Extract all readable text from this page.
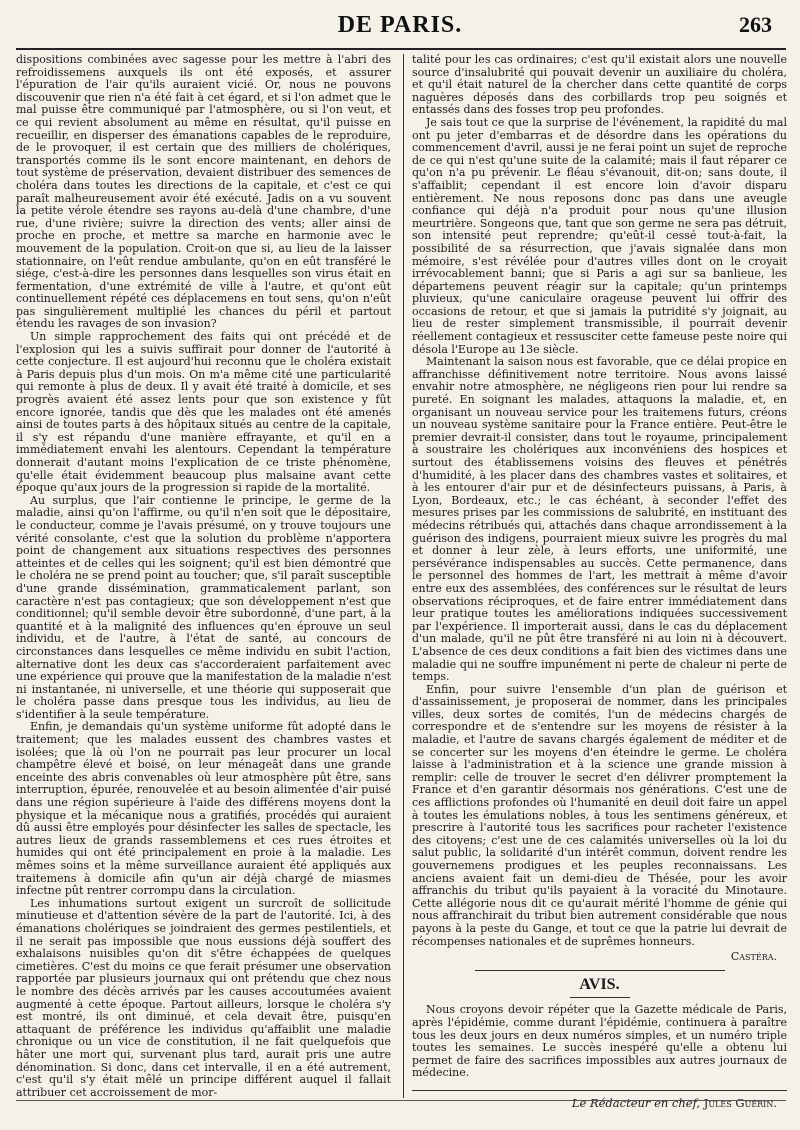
DE PARIS.	263

dispositions combinées avec sagesse pour les mettre à l'abri des refroidissemens auxquels ils ont été exposés, et assurer l'épuration de l'air qu'ils auraient vicié. Or, nous ne pouvons discouvenir que rien n'a été fait à cet égard, et si l'on admet que le mal puisse être communiqué par l'atmosphère, ou si l'on veut, et ce qui revient absolument au même en résultat, qu'il puisse en recueillir, en disperser des émanations capables de le reproduire, de le provoquer, il est certain que des milliers de cholériques, transportés comme ils le sont encore maintenant, en dehors de tout système de préservation, devaient distribuer des semences de choléra dans toutes les directions de la capitale, et c'est ce qui paraît malheureusement avoir été exécuté. Jadis on a vu souvent la petite vérole étendre ses rayons au-delà d'une chambre, d'une rue, d'une rivière; suivre la direction des vents; aller ainsi de proche en proche, et mettre sa marche en harmonie avec le mouvement de la population. Croit-on que si, au lieu de la laisser stationnaire, on l'eût rendue ambulante, qu'on en eût transféré le siége, c'est-à-dire les personnes dans lesquelles son virus était en fermentation, d'une extrémité de ville à l'autre, et qu'ont eût continuellement répété ces déplacemens en tout sens, qu'on n'eût pas singulièrement multiplié les chances du péril et partout étendu les ravages de son invasion?

Un simple rapprochement des faits qui ont précédé et de l'explosion qui les a suivis suffirait pour donner de l'autorité à cette conjecture. Il est aujourd'hui reconnu que le choléra existait à Paris depuis plus d'un mois. On m'a même cité une particularité qui remonte à plus de deux. Il y avait été traité à domicile, et ses progrès avaient été assez lents pour que son existence y fût encore ignorée, tandis que dès que les malades ont été amenés ainsi de toutes parts à des hôpitaux situés au centre de la capitale, il s'y est répandu d'une manière effrayante, et qu'il en a immédiatement envahi les alentours. Cependant la température donnerait d'autant moins l'explication de ce triste phénomène, qu'elle était évidemment beaucoup plus malsaine avant cette époque qu'aux jours de la progression si rapide de la mortalité.

Au surplus, que l'air contienne le principe, le germe de la maladie, ainsi qu'on l'affirme, ou qu'il n'en soit que le dépositaire, le conducteur, comme je l'avais présumé, on y trouve toujours une vérité consolante, c'est que la solution du problème n'apportera point de changement aux situations respectives des personnes atteintes et de celles qui les soignent; qu'il est bien démontré que le choléra ne se prend point au toucher; que, s'il paraît susceptible d'une grande dissémination, grammaticalement parlant, son caractère n'est pas contagieux; que son développement n'est que conditionnel; qu'il semble devoir être subordonné, d'une part, à la quantité et à la malignité des influences qu'en éprouve un seul individu, et de l'autre, à l'état de santé, au concours de circonstances dans lesquelles ce même individu en subit l'action, alternative dont les deux cas s'accorderaient parfaitement avec une expérience qui prouve que la manifestation de la maladie n'est ni instantanée, ni universelle, et une théorie qui supposerait que le choléra passe dans presque tous les individus, au lieu de s'identifier à la seule température.

Enfin, je demandais qu'un système uniforme fût adopté dans le traitement; que les malades eussent des chambres vastes et isolées; que là où l'on ne pourrait pas leur procurer un local champêtre élevé et boisé, on leur ménageât dans une grande enceinte des abris convenables où leur atmosphère pût être, sans interruption, épurée, renouvelée et au besoin alimentée d'air puisé dans une région supérieure à l'aide des différens moyens dont la physique et la mécanique nous a gratifiés, procédés qui auraient dû aussi être employés pour désinfecter les salles de spectacle, les autres lieux de grands rassemblemens et ces rues étroites et humides qui ont été principalement en proie à la maladie. Les mêmes soins et la même surveillance auraient été appliqués aux traitemens à domicile afin qu'un air déjà chargé de miasmes infectne pût rentrer corrompu dans la circulation.

Les inhumations surtout exigent un surcroît de sollicitude minutieuse et d'attention sévère de la part de l'autorité. Ici, à des émanations cholériques se joindraient des germes pestilentiels, et il ne serait pas impossible que nous eussions déjà souffert des exhalaisons nuisibles qu'on dit s'être échappées de quelques cimetières. C'est du moins ce que ferait présumer une observation rapportée par plusieurs journaux qui ont prétendu que chez nous le nombre des décès arrivés par les causes accoutumées avaient augmenté à cette époque. Partout ailleurs, lorsque le choléra s'y est montré, ils ont diminué, et cela devait être, puisqu'en attaquant de préférence les individus qu'affaiblit une maladie chronique ou un vice de constitution, il ne fait quelquefois que hâter une mort qui, survenant plus tard, aurait pris une autre dénomination. Si donc, dans cet intervalle, il en a été autrement, c'est qu'il s'y était mêlé un principe différent auquel il fallait attribuer cet accroissement de mor-

talité pour les cas ordinaires; c'est qu'il existait alors une nouvelle source d'insalubrité qui pouvait devenir un auxiliaire du choléra, et qu'il était naturel de la chercher dans cette quantité de corps naguères déposés dans des corbillards trop peu soignés et entassés dans des fosses trop peu profondes.

Je sais tout ce que la surprise de l'événement, la rapidité du mal ont pu jeter d'embarras et de désordre dans les opérations du commencement d'avril, aussi je ne ferai point un sujet de reproche de ce qui n'est qu'une suite de la calamité; mais il faut réparer ce qu'on n'a pu prévenir. Le fléau s'évanouit, dit-on; sans doute, il s'affaiblit; cependant il est encore loin d'avoir disparu entièrement. Ne nous reposons donc pas dans une aveugle confiance qui déjà n'a produit pour nous qu'une illusion meurtrière. Songeons que, tant que son germe ne sera pas détruit, son intensité peut reprendre; qu'eût-il cessé tout-à-fait, la possibilité de sa résurrection, que j'avais signalée dans mon mémoire, s'est révélée pour d'autres villes dont on le croyait irrévocablement banni; que si Paris a agi sur sa banlieue, les départemens peuvent réagir sur la capitale; qu'un printemps pluvieux, qu'une caniculaire orageuse peuvent lui offrir des occasions de retour, et que si jamais la putridité s'y joignait, au lieu de rester simplement transmissible, il pourrait devenir réellement contagieux et ressusciter cette fameuse peste noire qui désola l'Europe au 13e siècle.

Maintenant la saison nous est favorable, que ce délai propice en affranchisse définitivement notre territoire. Nous avons laissé envahir notre atmosphère, ne négligeons rien pour lui rendre sa pureté. En soignant les malades, attaquons la maladie, et, en organisant un nouveau service pour les traitemens futurs, créons un nouveau système sanitaire pour la France entière. Peut-être le premier devrait-il consister, dans tout le royaume, principalement à soustraire les cholériques aux inconvéniens des hospices et surtout des établissemens voisins des fleuves et pénétrés d'humidité, à les placer dans des chambres vastes et solitaires, et à les entourer d'air pur et de désinfecteurs puissans, à Paris, à Lyon, Bordeaux, etc.; le cas échéant, à seconder l'effet des mesures prises par les commissions de salubrité, en instituant des médecins rétribués qui, attachés dans chaque arrondissement à la guérison des indigens, pourraient mieux suivre les progrès du mal et donner à leur zèle, à leurs efforts, une uniformité, une persévérance indispensables au succès. Cette permanence, dans le personnel des hommes de l'art, les mettrait à même d'avoir entre eux des assemblées, des conférences sur le résultat de leurs observations réciproques, et de faire entrer immédiatement dans leur pratique toutes les améliorations indiquées successivement par l'expérience. Il importerait aussi, dans le cas du déplacement d'un malade, qu'il ne pût être transféré ni au loin ni à découvert. L'absence de ces deux conditions a fait bien des victimes dans une maladie qui ne souffre impunément ni perte de chaleur ni perte de temps.

Enfin, pour suivre l'ensemble d'un plan de guérison et d'assainissement, je proposerai de nommer, dans les principales villes, deux sortes de comités, l'un de médecins chargés de correspondre et de s'entendre sur les moyens de résister à la maladie, et l'autre de savans chargés également de méditer et de se concerter sur les moyens d'en éteindre le germe. Le choléra laisse à l'administration et à la science une grande mission à remplir: celle de trouver le secret d'en délivrer promptement la France et d'en garantir désormais nos générations. C'est une de ces afflictions profondes où l'humanité en deuil doit faire un appel à toutes les émulations nobles, à tous les sentimens généreux, et prescrire à l'autorité tous les sacrifices pour racheter l'existence des citoyens; c'est une de ces calamités universelles où la loi du salut public, la solidarité d'un intérêt commun, doivent rendre les gouvernemens prodigues et les peuples reconnaissans. Les anciens avaient fait un demi-dieu de Thésée, pour les avoir affranchis du tribut qu'ils payaient à la voracité du Minotaure. Cette allégorie nous dit ce qu'aurait mérité l'homme de génie qui nous affranchirait du tribut bien autrement considérable que nous payons à la peste du Gange, et tout ce que la patrie lui devrait de récompenses nationales et de suprêmes honneurs.

Castéra.
AVIS.

Nous croyons devoir répéter que la Gazette médicale de Paris, après l'épidémie, comme durant l'épidémie, continuera à paraître tous les deux jours en deux numéros simples, et un numéro triple toutes les semaines. Le succès inespéré qu'elle a obtenu lui permet de faire des sacrifices impossibles aux autres journaux de médecine.

Le Rédacteur en chef, Jules Guérin.
